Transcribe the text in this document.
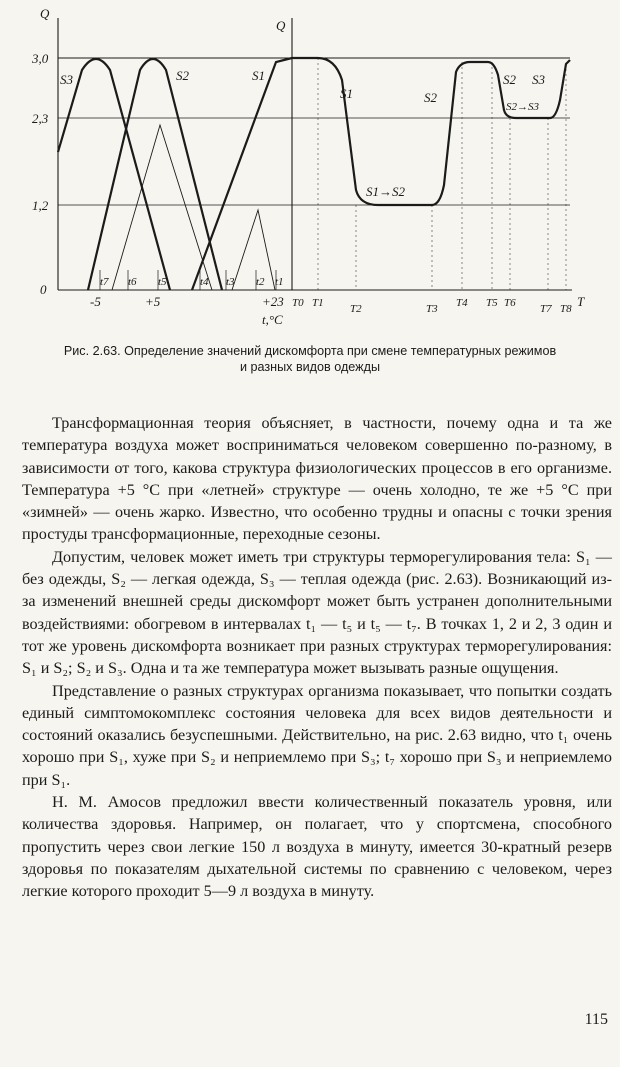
Q
Q
3,0
2,3
1,2
0	t7 t6 t5	t4 t3 t2 t1
-5	+5	+23
t,°C
T0 T1 T2	T3 T4 T5 T6 T7 T8 T
S3	S2	S1
S1	S2
S1→S2
S2 S3
S2→S3
Рис. 2.63. Определение значений дискомфорта при смене температурных режимов
и разных видов одежды

Трансформационная теория объясняет, в частности, почему одна и та же температура воздуха может восприниматься человеком совершенно по-разному, в зависимости от того, какова структура физиологических процессов в его организме. Температура +5 °С при «летней» структуре — очень холодно, те же +5 °С при «зимней» — очень жарко. Известно, что особенно трудны и опасны с точки зрения простуды трансформационные, переходные сезоны.

Допустим, человек может иметь три структуры терморегулирования тела: S₁ — без одежды, S₂ — легкая одежда, S₃ — теплая одежда (рис. 2.63). Возникающий из-за изменений внешней среды дискомфорт может быть устранен дополнительными воздействиями: обогревом в интервалах t₁ — t₅ и t₅ — t₇. В точках 1, 2 и 2, 3 один и тот же уровень дискомфорта возникает при разных структурах терморегулирования: S₁ и S₂; S₂ и S₃. Одна и та же температура может вызывать разные ощущения.

Представление о разных структурах организма показывает, что попытки создать единый симптомокомплекс состояния человека для всех видов деятельности и состояний оказались безуспешными. Действительно, на рис. 2.63 видно, что t₁ очень хорошо при S₁, хуже при S₂ и неприемлемо при S₃; t₇ хорошо при S₃ и неприемлемо при S₁.

Н. М. Амосов предложил ввести количественный показатель уровня, или количества здоровья. Например, он полагает, что у спортсмена, способного пропустить через свои легкие 150 л воздуха в минуту, имеется 30-кратный резерв здоровья по показателям дыхательной системы по сравнению с человеком, через легкие которого проходит 5—9 л воздуха в минуту.

115
